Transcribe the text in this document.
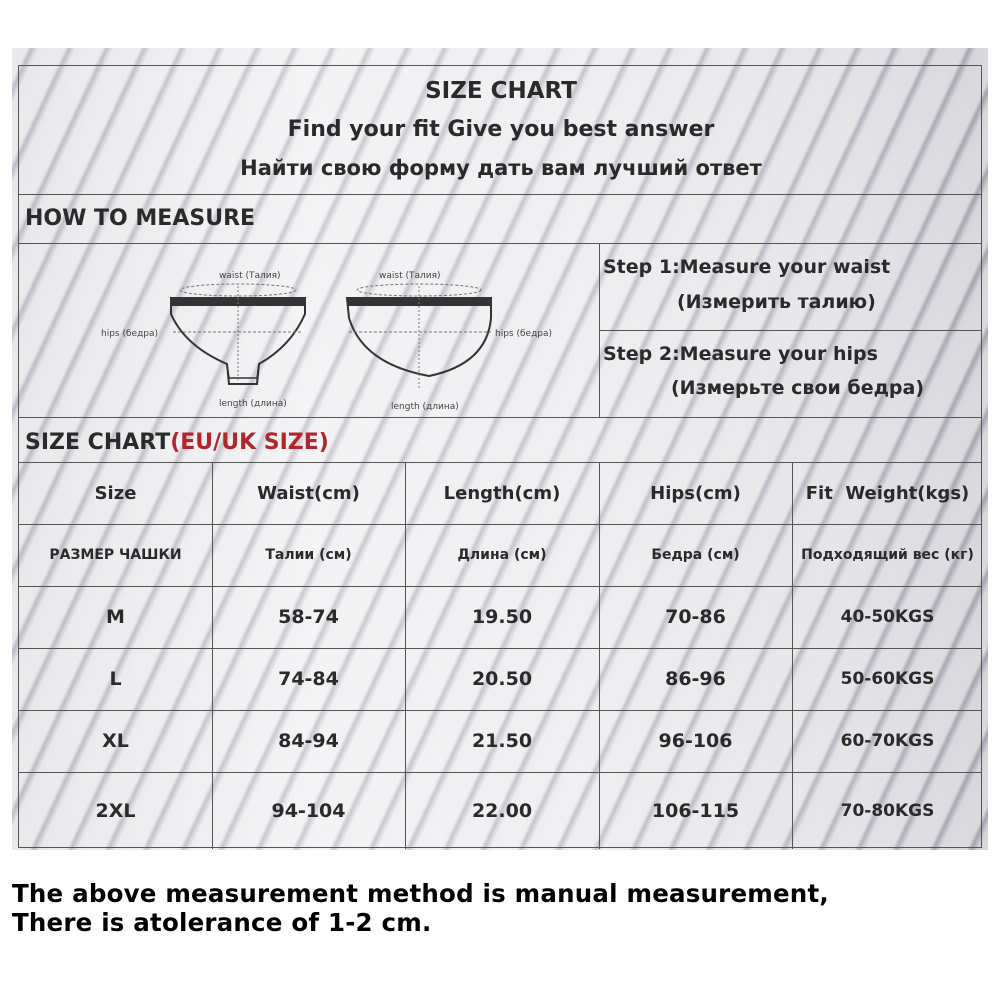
SIZE CHART
Find your fit Give you best answer
Найти свою форму дать вам лучший ответ
HOW TO MEASURE
waist (Талия)	waist (Талия)
hips (бедра)	hips (бедра)
length (длина)	length (длина)
Step 1:Measure your waist
(Измерить талию)
Step 2:Measure your hips
(Измерьте свои бедра)
SIZE CHART(EU/UK SIZE)
Size	Waist(cm)	Length(cm)	Hips(cm)	Fit  Weight(kgs)
РАЗМЕР ЧАШКИ	Талии (см)	Длина (см)	Бедра (см)	Подходящий вес (кг)
M	58-74	19.50	70-86	40-50KGS
L	74-84	20.50	86-96	50-60KGS
XL	84-94	21.50	96-106	60-70KGS
2XL	94-104	22.00	106-115	70-80KGS
The above measurement method is manual measurement,
There is atolerance of 1-2 cm.
